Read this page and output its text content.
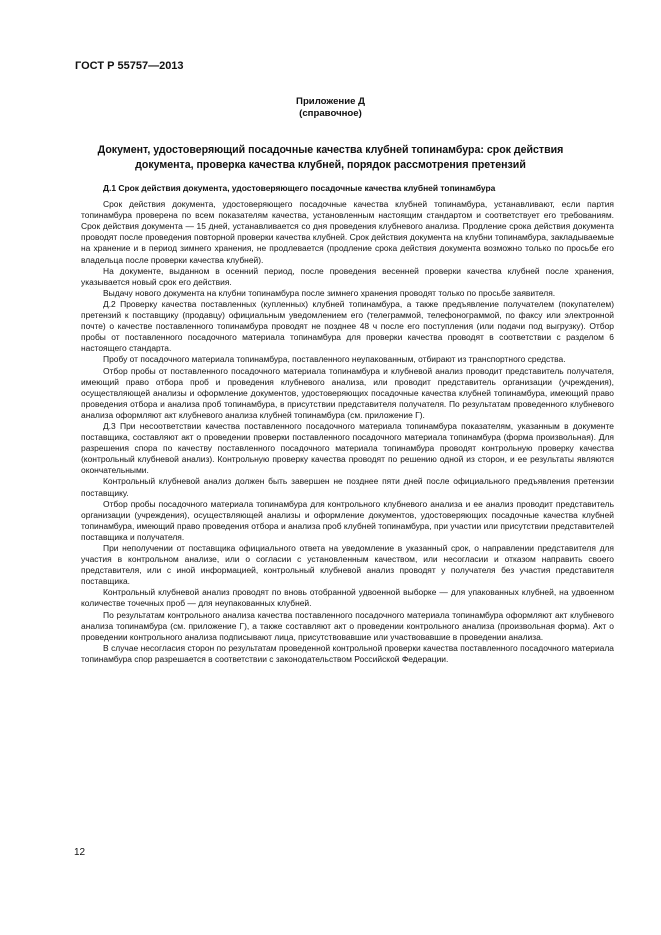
ГОСТ Р 55757—2013
Приложение Д
(справочное)
Документ, удостоверяющий посадочные качества клубней топинамбура: срок действия документа, проверка качества клубней, порядок рассмотрения претензий

Д.1 Срок действия документа, удостоверяющего посадочные качества клубней топинамбура

Срок действия документа, удостоверяющего посадочные качества клубней топинамбура, устанавливают, если партия топинамбура проверена по всем показателям качества, установленным настоящим стандартом и соответствует его требованиям. Срок действия документа — 15 дней, устанавливается со дня проведения клубневого анализа. Продление срока действия документа проводят после проведения повторной проверки качества клубней. Срок действия документа на клубни топинамбура, закладываемые на хранение и в период зимнего хранения, не продлевается (продление срока действия документа возможно только по просьбе его владельца после проверки качества клубней).

На документе, выданном в осенний период, после проведения весенней проверки качества клубней после хранения, указывается новый срок его действия.

Выдачу нового документа на клубни топинамбура после зимнего хранения проводят только по просьбе заявителя.

Д.2 Проверку качества поставленных (купленных) клубней топинамбура, а также предъявление получателем (покупателем) претензий к поставщику (продавцу) официальным уведомлением его (телеграммой, телефонограммой, по факсу или электронной почте) о качестве поставленного топинамбура проводят не позднее 48 ч после его поступления (или подачи под выгрузку). Отбор пробы от поставленного посадочного материала топинамбура для проверки качества проводят в соответствии с разделом 6 настоящего стандарта.

Пробу от посадочного материала топинамбура, поставленного неупакованным, отбирают из транспортного средства.

Отбор пробы от поставленного посадочного материала топинамбура и клубневой анализ проводит представитель получателя, имеющий право отбора проб и проведения клубневого анализа, или проводит представитель организации (учреждения), осуществляющей анализы и оформление документов, удостоверяющих посадочные качества клубней топинамбура, имеющий право проведения отбора и анализа проб топинамбура, в присутствии представителя получателя. По результатам проведенного клубневого анализа оформляют акт клубневого анализа клубней топинамбура (см. приложение Г).

Д.3 При несоответствии качества поставленного посадочного материала топинамбура показателям, указанным в документе поставщика, составляют акт о проведении проверки поставленного посадочного материала топинамбура (форма произвольная). Для разрешения спора по качеству поставленного посадочного материала топинамбура проводят контрольную проверку качества (контрольный клубневой анализ). Контрольную проверку качества проводят по решению одной из сторон, и ее результаты являются окончательными.

Контрольный клубневой анализ должен быть завершен не позднее пяти дней после официального предъявления претензии поставщику.

Отбор пробы посадочного материала топинамбура для контрольного клубневого анализа и ее анализ проводит представитель организации (учреждения), осуществляющей анализы и оформление документов, удостоверяющих посадочные качества клубней топинамбура, имеющий право проведения отбора и анализа проб клубней топинамбура, при участии или присутствии представителей поставщика и получателя.

При неполучении от поставщика официального ответа на уведомление в указанный срок, о направлении представителя для участия в контрольном анализе, или о согласии с установленным качеством, или несогласии и отказом направить своего представителя, или с иной информацией, контрольный клубневой анализ проводят у получателя без участия представителя поставщика.

Контрольный клубневой анализ проводят по вновь отобранной удвоенной выборке — для упакованных клубней, на удвоенном количестве точечных проб — для неупакованных клубней.

По результатам контрольного анализа качества поставленного посадочного материала топинамбура оформляют акт клубневого анализа топинамбура (см. приложение Г), а также составляют акт о проведении контрольного анализа (произвольная форма). Акт о проведении контрольного анализа подписывают лица, присутствовавшие или участвовавшие в проведении анализа.

В случае несогласия сторон по результатам проведенной контрольной проверки качества поставленного посадочного материала топинамбура спор разрешается в соответствии с законодательством Российской Федерации.

12
